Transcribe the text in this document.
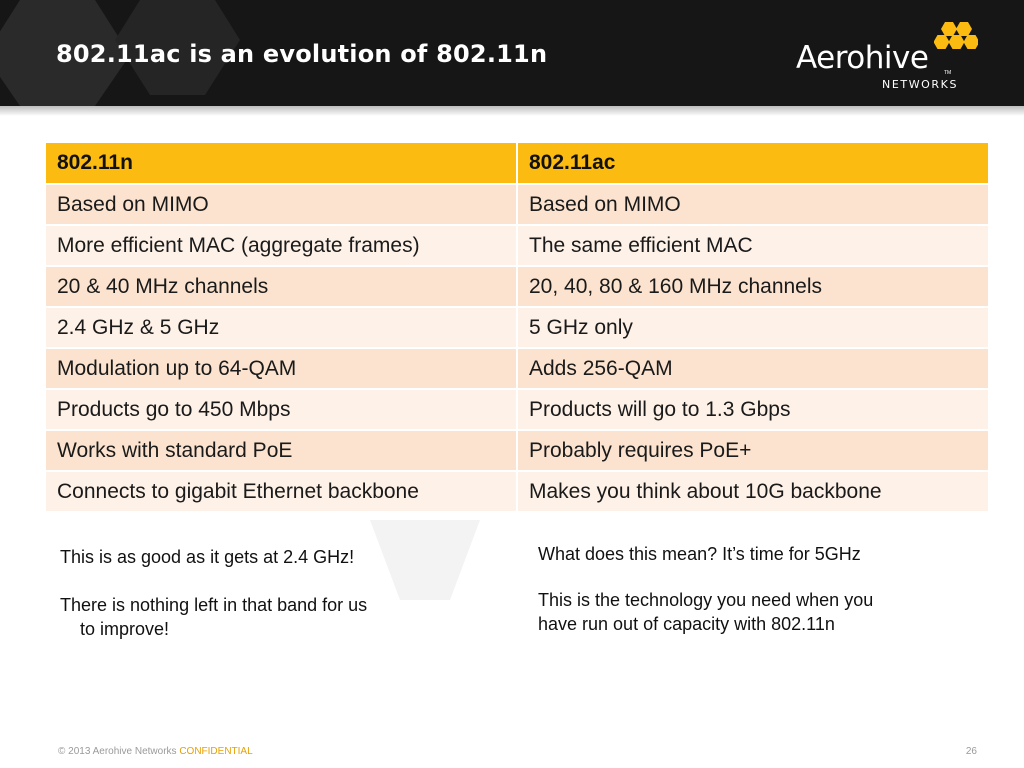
802.11ac is an evolution of 802.11n	Aerohive	TM
NETWORKS
802.11n	802.11ac
Based on MIMO	Based on MIMO
More efficient MAC (aggregate frames)	The same efficient MAC
20 & 40 MHz channels	20, 40, 80 & 160 MHz channels
2.4 GHz & 5 GHz	5 GHz only
Modulation up to 64-QAM	Adds 256-QAM
Products go to 450 Mbps	Products will go to 1.3 Gbps
Works with standard PoE	Probably requires PoE+
Connects to gigabit Ethernet backbone	Makes you think about 10G backbone

This is as good as it gets at 2.4 GHz!

There is nothing left in that band for us

to improve!

What does this mean? It’s time for 5GHz

This is the technology you need when you

have run out of capacity with 802.11n

© 2013 Aerohive Networks CONFIDENTIAL	26
